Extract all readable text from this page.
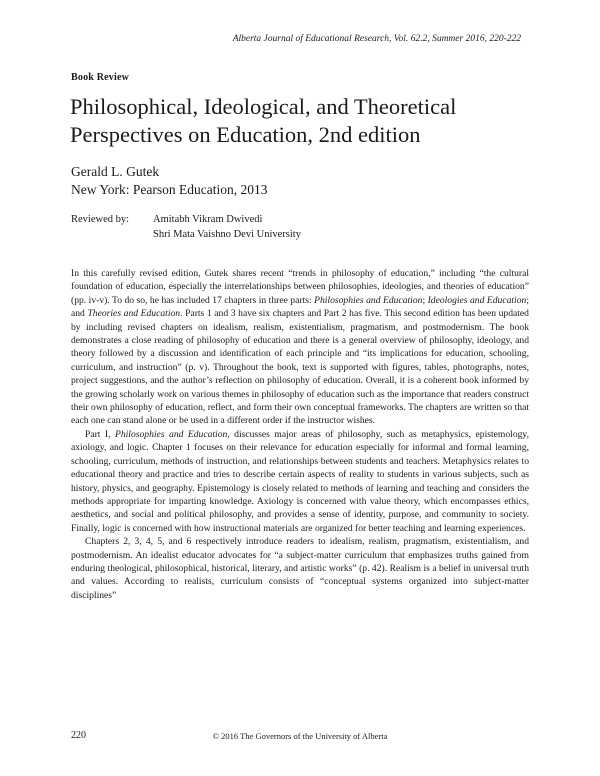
Alberta Journal of Educational Research, Vol. 62.2, Summer 2016, 220-222
Book Review
Philosophical, Ideological, and Theoretical Perspectives on Education, 2nd edition
Gerald L. Gutek
New York: Pearson Education, 2013
Reviewed by:	Amitabh Vikram Dwivedi
Shri Mata Vaishno Devi University

In this carefully revised edition, Gutek shares recent “trends in philosophy of education,” including “the cultural foundation of education, especially the interrelationships between philosophies, ideologies, and theories of education” (pp. iv-v). To do so, he has included 17 chapters in three parts: Philosophies and Education; Ideologies and Education; and Theories and Education. Parts 1 and 3 have six chapters and Part 2 has five. This second edition has been updated by including revised chapters on idealism, realism, existentialism, pragmatism, and postmodernism. The book demonstrates a close reading of philosophy of education and there is a general overview of philosophy, ideology, and theory followed by a discussion and identification of each principle and “its implications for education, schooling, curriculum, and instruction” (p. v). Throughout the book, text is supported with figures, tables, photographs, notes, project suggestions, and the author’s reflection on philosophy of education. Overall, it is a coherent book informed by the growing scholarly work on various themes in philosophy of education such as the importance that readers construct their own philosophy of education, reflect, and form their own conceptual frameworks. The chapters are written so that each one can stand alone or be used in a different order if the instructor wishes.

Part I, Philosophies and Education, discusses major areas of philosophy, such as metaphysics, epistemology, axiology, and logic. Chapter 1 focuses on their relevance for education especially for informal and formal learning, schooling, curriculum, methods of instruction, and relationships between students and teachers. Metaphysics relates to educational theory and practice and tries to describe certain aspects of reality to students in various subjects, such as history, physics, and geography. Epistemology is closely related to methods of learning and teaching and considers the methods appropriate for imparting knowledge. Axiology is concerned with value theory, which encompasses ethics, aesthetics, and social and political philosophy, and provides a sense of identity, purpose, and community to society. Finally, logic is concerned with how instructional materials are organized for better teaching and learning experiences.

Chapters 2, 3, 4, 5, and 6 respectively introduce readers to idealism, realism, pragmatism, existentialism, and postmodernism. An idealist educator advocates for “a subject-matter curriculum that emphasizes truths gained from enduring theological, philosophical, historical, literary, and artistic works” (p. 42). Realism is a belief in universal truth and values. According to realists, curriculum consists of “conceptual systems organized into subject-matter disciplines”

220	© 2016 The Governors of the University of Alberta
